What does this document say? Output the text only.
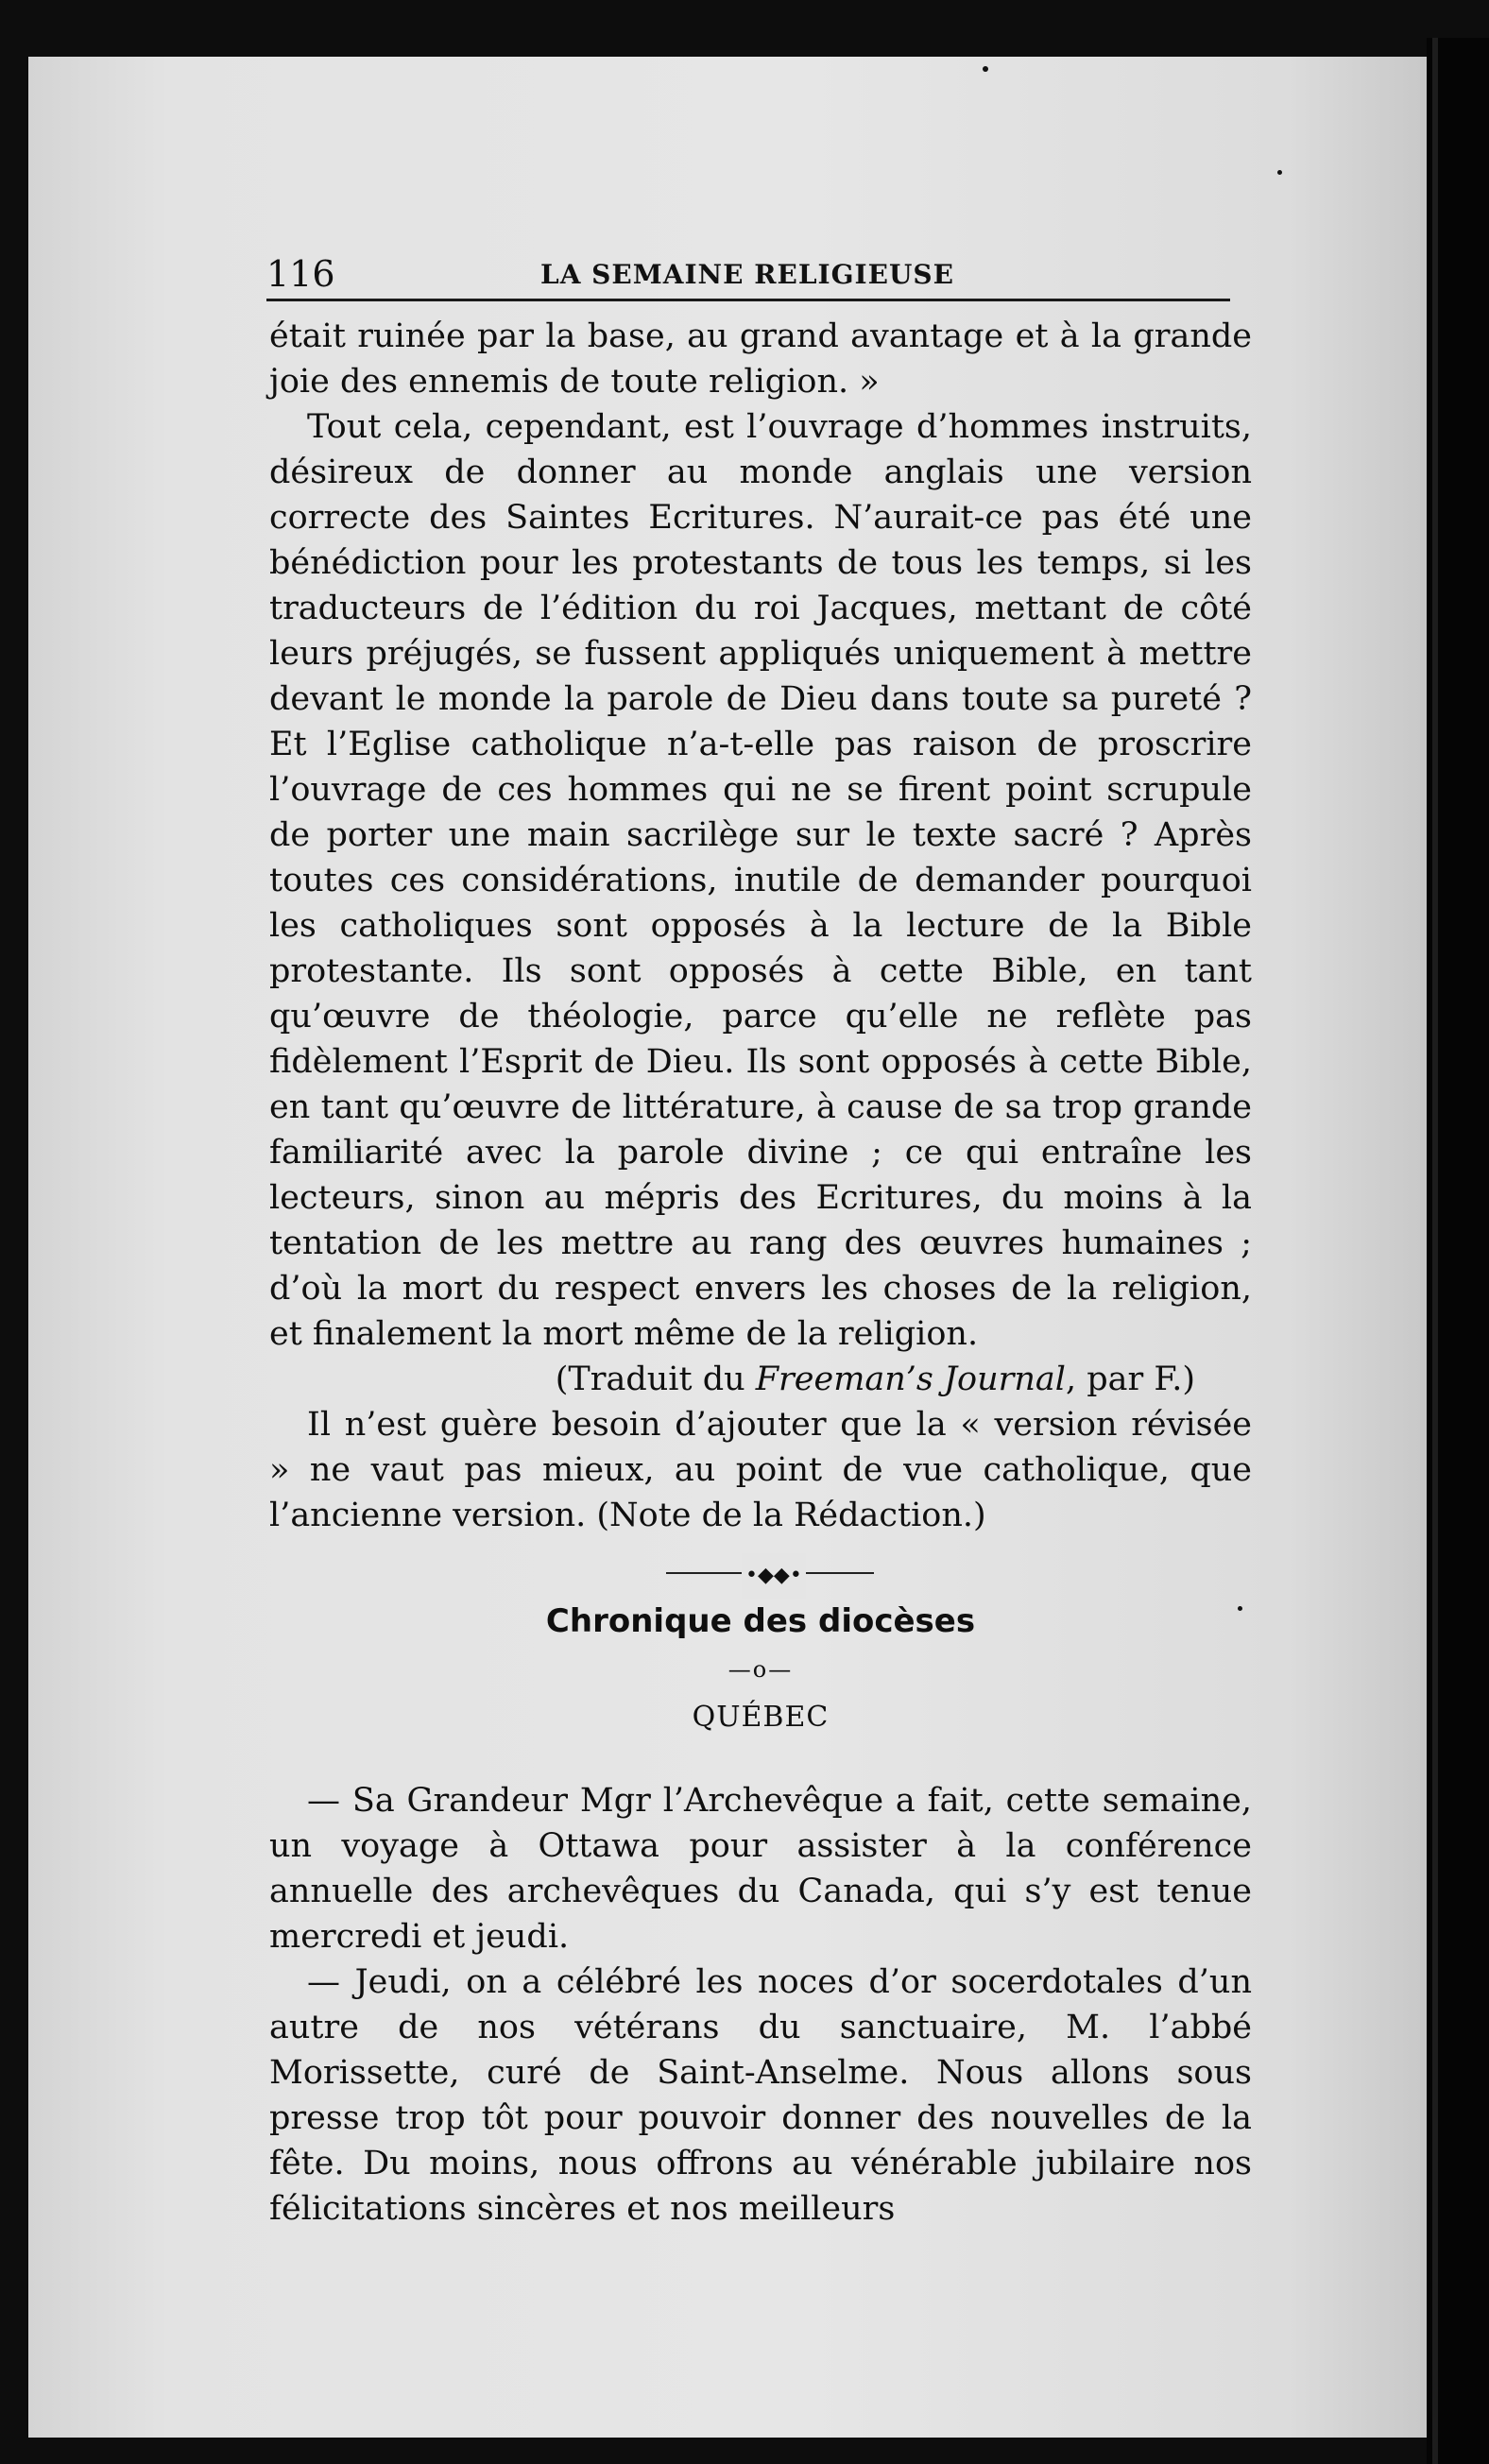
116	LA SEMAINE RELIGIEUSE

était ruinée par la base, au grand avantage et à la grande joie des ennemis de toute religion. »

Tout cela, cependant, est l’ouvrage d’hommes instruits, désireux de donner au monde anglais une version correcte des Saintes Ecritures. N’aurait-ce pas été une bénédiction pour les protestants de tous les temps, si les traducteurs de l’édition du roi Jacques, mettant de côté leurs préjugés, se fussent appliqués uniquement à mettre devant le monde la parole de Dieu dans toute sa pureté ? Et l’Eglise catholique n’a-t-elle pas raison de proscrire l’ouvrage de ces hommes qui ne se firent point scrupule de porter une main sacrilège sur le texte sacré ? Après toutes ces considérations, inutile de demander pourquoi les catholiques sont opposés à la lecture de la Bible protestante. Ils sont opposés à cette Bible, en tant qu’œuvre de théologie, parce qu’elle ne reflète pas fidèlement l’Esprit de Dieu. Ils sont opposés à cette Bible, en tant qu’œuvre de littérature, à cause de sa trop grande familiarité avec la parole divine ; ce qui entraîne les lecteurs, sinon au mépris des Ecritures, du moins à la tentation de les mettre au rang des œuvres humaines ; d’où la mort du respect envers les choses de la religion, et finalement la mort même de la religion.

(Traduit du Freeman’s Journal, par F.)

Il n’est guère besoin d’ajouter que la « version révisée » ne vaut pas mieux, au point de vue catholique, que l’ancienne version. (Note de la Rédaction.)

•◆◆•
Chronique des diocèses
—o—
QUÉBEC

— Sa Grandeur Mgr l’Archevêque a fait, cette semaine, un voyage à Ottawa pour assister à la conférence annuelle des archevêques du Canada, qui s’y est tenue mercredi et jeudi.

— Jeudi, on a célébré les noces d’or socerdotales d’un autre de nos vétérans du sanctuaire, M. l’abbé Morissette, curé de Saint-Anselme. Nous allons sous presse trop tôt pour pouvoir donner des nouvelles de la fête. Du moins, nous offrons au vénérable jubilaire nos félicitations sincères et nos meilleurs
